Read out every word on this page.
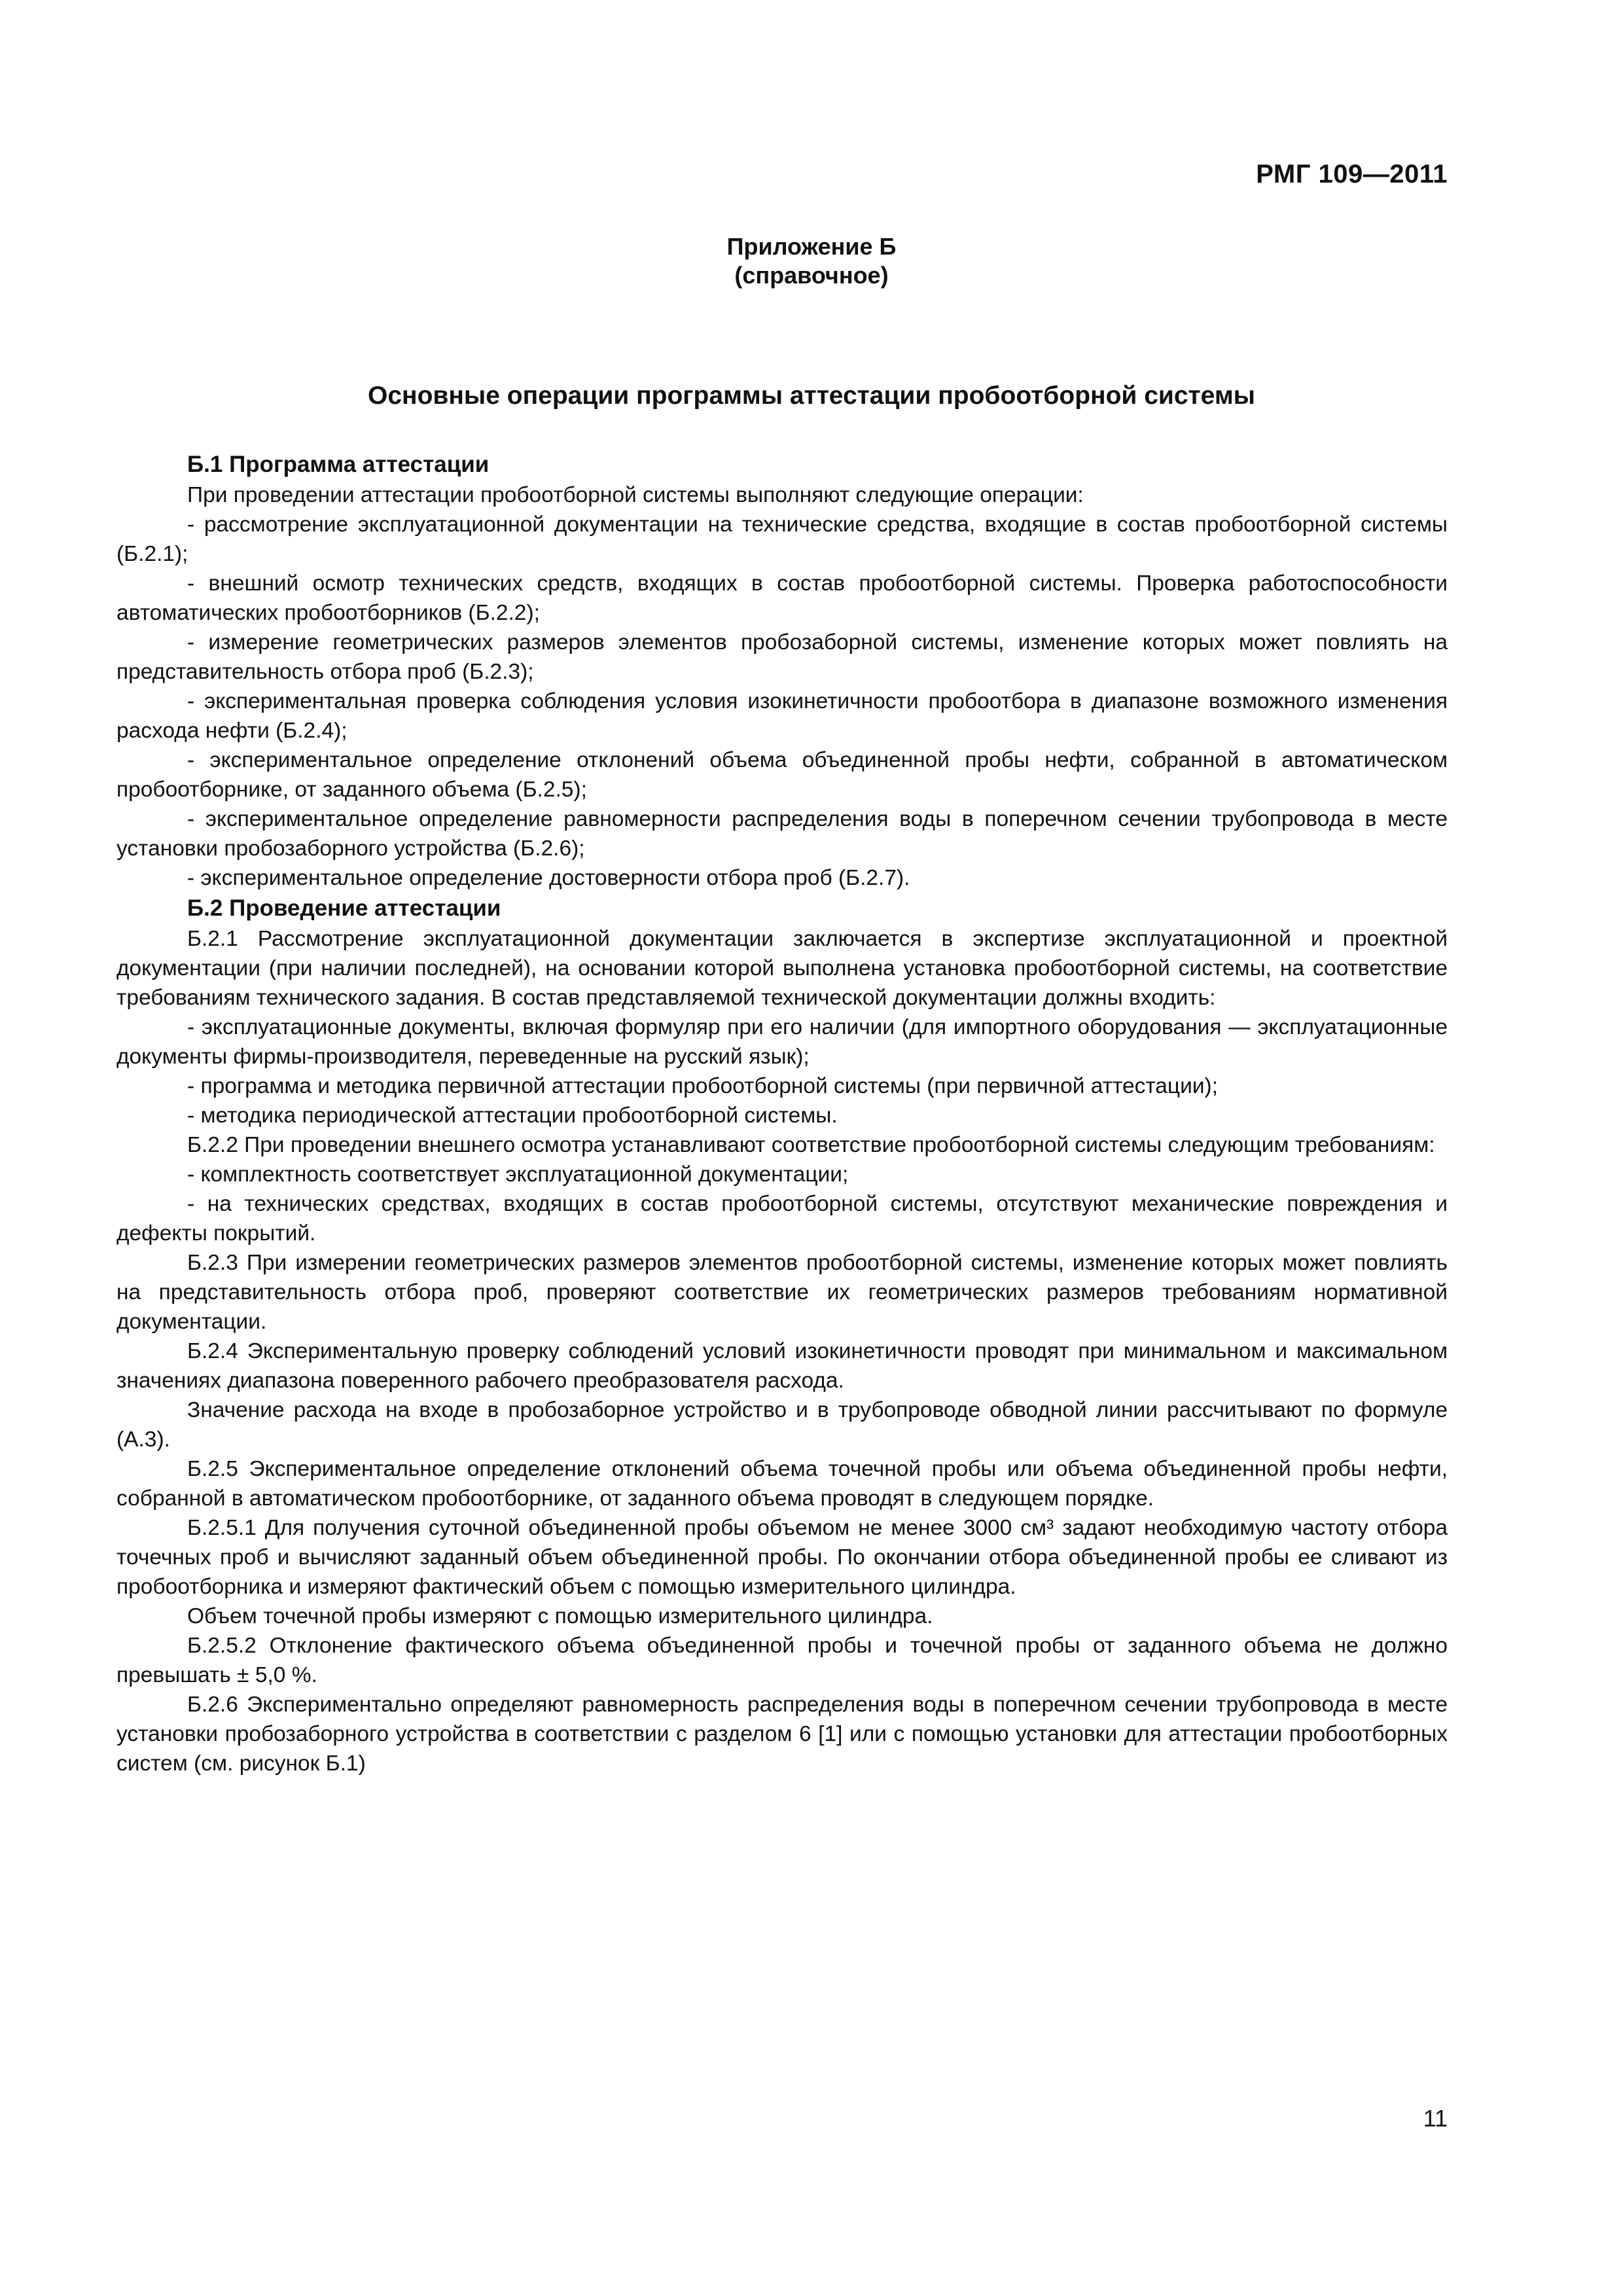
РМГ 109—2011
Приложение Б
(справочное)
Основные операции программы аттестации пробоотборной системы
Б.1 Программа аттестации

При проведении аттестации пробоотборной системы выполняют следующие операции:

- рассмотрение эксплуатационной документации на технические средства, входящие в состав пробоотборной системы (Б.2.1);

- внешний осмотр технических средств, входящих в состав пробоотборной системы. Проверка работоспособности автоматических пробоотборников (Б.2.2);

- измерение геометрических размеров элементов пробозаборной системы, изменение которых может повлиять на представительность отбора проб (Б.2.3);

- экспериментальная проверка соблюдения условия изокинетичности пробоотбора в диапазоне возможного изменения расхода нефти (Б.2.4);

- экспериментальное определение отклонений объема объединенной пробы нефти, собранной в автоматическом пробоотборнике, от заданного объема (Б.2.5);

- экспериментальное определение равномерности распределения воды в поперечном сечении трубопровода в месте установки пробозаборного устройства (Б.2.6);

- экспериментальное определение достоверности отбора проб (Б.2.7).

Б.2 Проведение аттестации

Б.2.1 Рассмотрение эксплуатационной документации заключается в экспертизе эксплуатационной и проектной документации (при наличии последней), на основании которой выполнена установка пробоотборной системы, на соответствие требованиям технического задания. В состав представляемой технической документации должны входить:

- эксплуатационные документы, включая формуляр при его наличии (для импортного оборудования — эксплуатационные документы фирмы-производителя, переведенные на русский язык);

- программа и методика первичной аттестации пробоотборной системы (при первичной аттестации);

- методика периодической аттестации пробоотборной системы.

Б.2.2 При проведении внешнего осмотра устанавливают соответствие пробоотборной системы следующим требованиям:

- комплектность соответствует эксплуатационной документации;

- на технических средствах, входящих в состав пробоотборной системы, отсутствуют механические повреждения и дефекты покрытий.

Б.2.3 При измерении геометрических размеров элементов пробоотборной системы, изменение которых может повлиять на представительность отбора проб, проверяют соответствие их геометрических размеров требованиям нормативной документации.

Б.2.4 Экспериментальную проверку соблюдений условий изокинетичности проводят при минимальном и максимальном значениях диапазона поверенного рабочего преобразователя расхода.

Значение расхода на входе в пробозаборное устройство и в трубопроводе обводной линии рассчитывают по формуле (А.3).

Б.2.5 Экспериментальное определение отклонений объема точечной пробы или объема объединенной пробы нефти, собранной в автоматическом пробоотборнике, от заданного объема проводят в следующем порядке.

Б.2.5.1 Для получения суточной объединенной пробы объемом не менее 3000 см³ задают необходимую частоту отбора точечных проб и вычисляют заданный объем объединенной пробы. По окончании отбора объединенной пробы ее сливают из пробоотборника и измеряют фактический объем с помощью измерительного цилиндра.

Объем точечной пробы измеряют с помощью измерительного цилиндра.

Б.2.5.2 Отклонение фактического объема объединенной пробы и точечной пробы от заданного объема не должно превышать ± 5,0 %.

Б.2.6 Экспериментально определяют равномерность распределения воды в поперечном сечении трубопровода в месте установки пробозаборного устройства в соответствии с разделом 6 [1] или с помощью установки для аттестации пробоотборных систем (см. рисунок Б.1)

11
